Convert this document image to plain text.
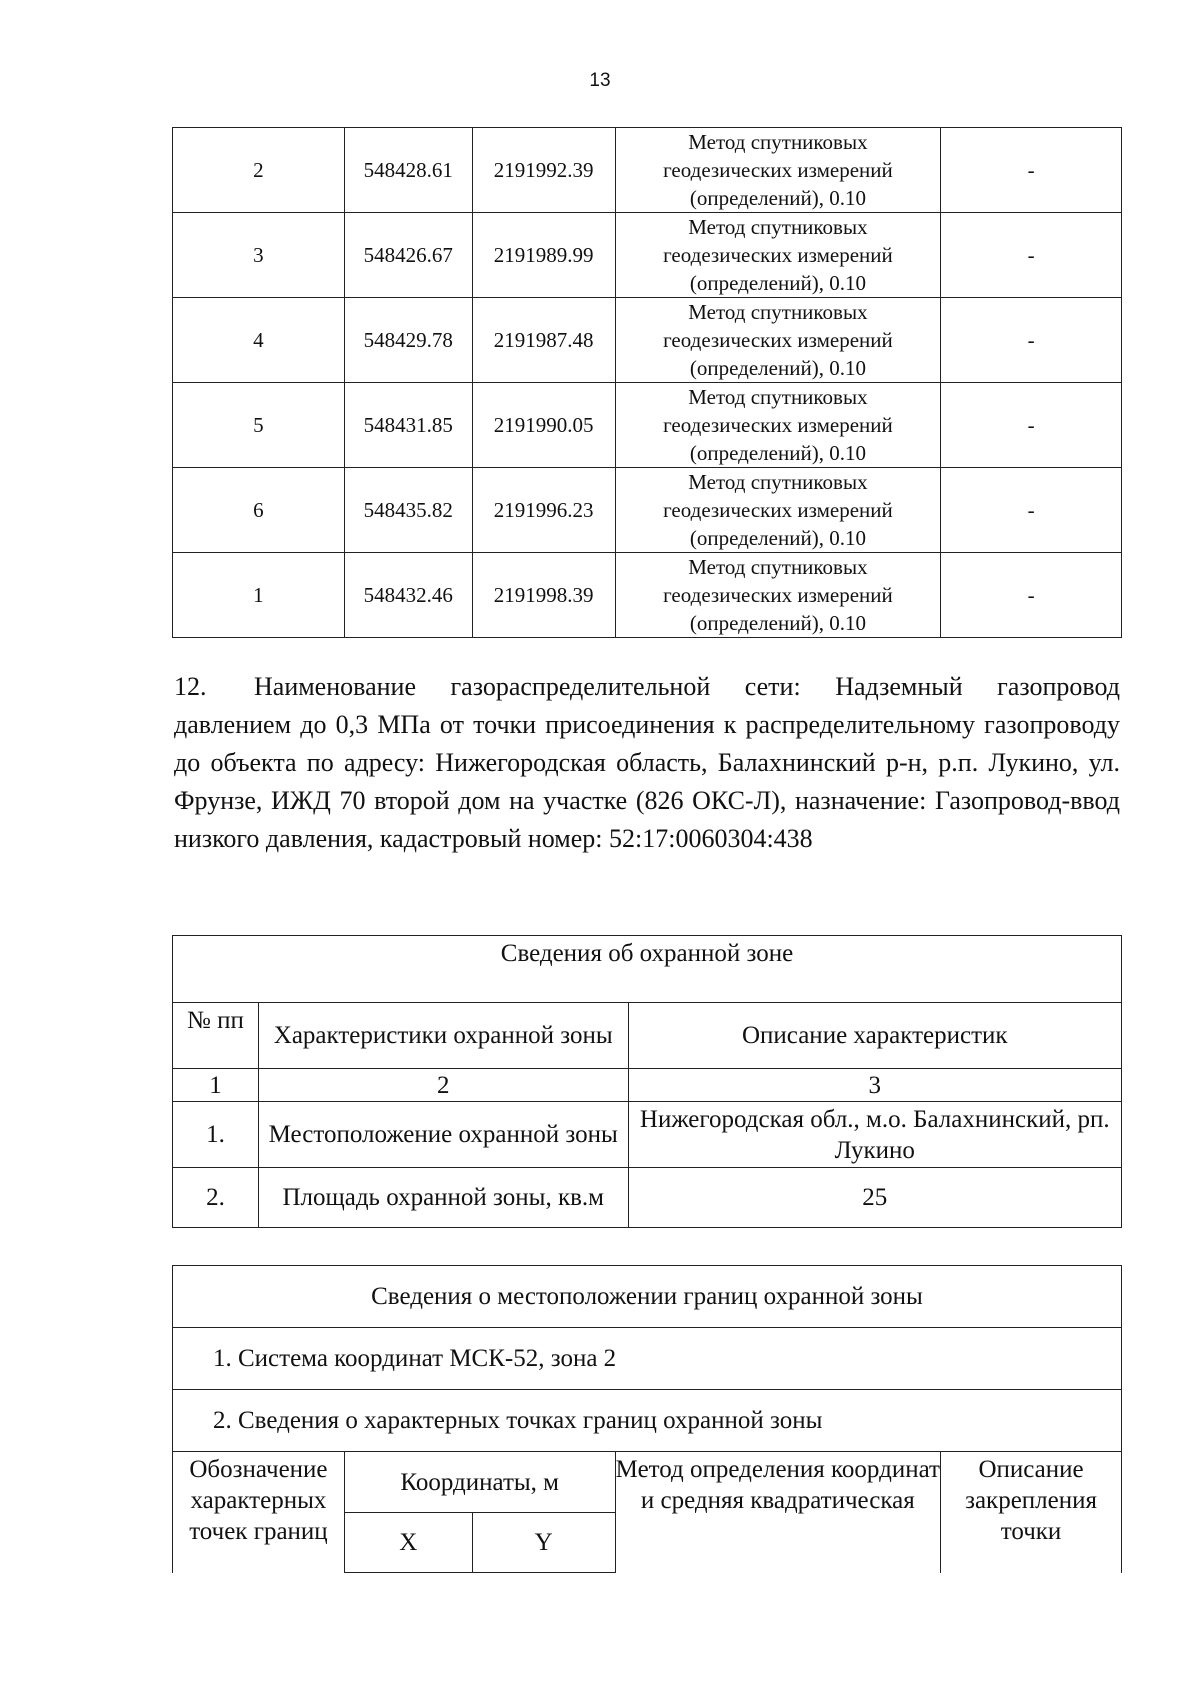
13
2	548428.61	2191992.39	Метод спутниковых
геодезических измерений
(определений), 0.10	-
3	548426.67	2191989.99	Метод спутниковых
геодезических измерений
(определений), 0.10	-
4	548429.78	2191987.48	Метод спутниковых
геодезических измерений
(определений), 0.10	-
5	548431.85	2191990.05	Метод спутниковых
геодезических измерений
(определений), 0.10	-
6	548435.82	2191996.23	Метод спутниковых
геодезических измерений
(определений), 0.10	-
1	548432.46	2191998.39	Метод спутниковых
геодезических измерений
(определений), 0.10	-
12. Наименование газораспределительной сети: Надземный газопровод давлением до 0,3 МПа от точки присоединения к распределительному газопроводу до объекта по адресу: Нижегородская область, Балахнинский р-н, р.п. Лукино, ул. Фрунзе, ИЖД 70 второй дом на участке (826 ОКС-Л), назначение: Газопровод-ввод низкого давления, кадастровый номер: 52:17:0060304:438
Сведения об охранной зоне		
№ пп	Характеристики охранной зоны	Описание характеристик
1	2	3
1.	Местоположение охранной зоны	Нижегородская обл., м.о. Балахнинский, рп. Лукино
2.	Площадь охранной зоны, кв.м	25
Сведения о местоположении границ охранной зоны				
1. Система координат МСК-52, зона 2				
2. Сведения о характерных точках границ охранной зоны				
Обозначение характерных точек границ	Координаты, м		Метод определения координат и средняя квадратическая	Описание закрепления точки
	X	Y		
